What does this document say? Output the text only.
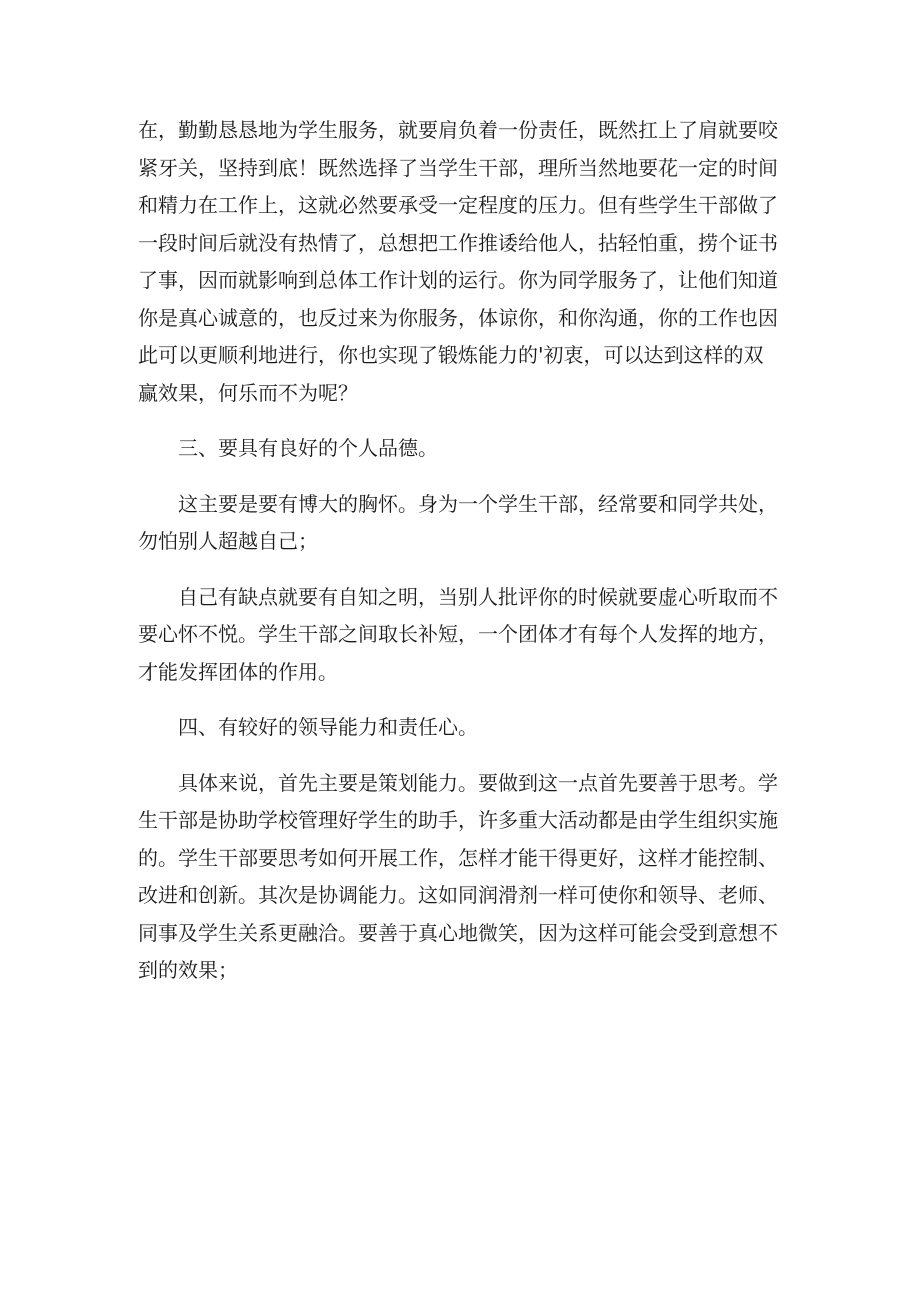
在，勤勤恳恳地为学生服务，就要肩负着一份责任，既然扛上了肩就要咬
紧牙关，坚持到底！既然选择了当学生干部，理所当然地要花一定的时间
和精力在工作上，这就必然要承受一定程度的压力。但有些学生干部做了
一段时间后就没有热情了，总想把工作推诿给他人，拈轻怕重，捞个证书
了事，因而就影响到总体工作计划的运行。你为同学服务了，让他们知道
你是真心诚意的，也反过来为你服务，体谅你，和你沟通，你的工作也因
此可以更顺利地进行，你也实现了锻炼能力的'初衷，可以达到这样的双
赢效果，何乐而不为呢？

三、要具有良好的个人品德。

这主要是要有博大的胸怀。身为一个学生干部，经常要和同学共处，
勿怕别人超越自己；

自己有缺点就要有自知之明，当别人批评你的时候就要虚心听取而不
要心怀不悦。学生干部之间取长补短，一个团体才有每个人发挥的地方，
才能发挥团体的作用。

四、有较好的领导能力和责任心。

具体来说，首先主要是策划能力。要做到这一点首先要善于思考。学
生干部是协助学校管理好学生的助手，许多重大活动都是由学生组织实施
的。学生干部要思考如何开展工作，怎样才能干得更好，这样才能控制、
改进和创新。其次是协调能力。这如同润滑剂一样可使你和领导、老师、
同事及学生关系更融洽。要善于真心地微笑，因为这样可能会受到意想不
到的效果；
